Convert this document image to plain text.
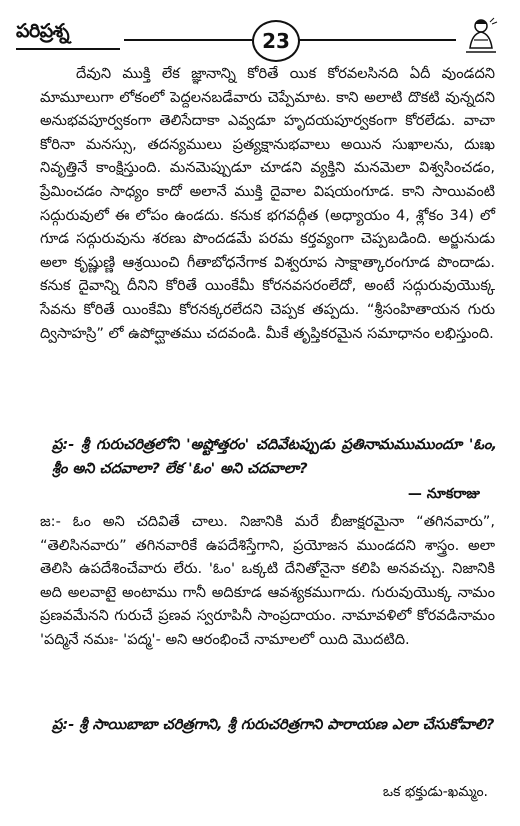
పరిప్రశ్న	23

దేవుని ముక్తి లేక జ్ఞానాన్ని కోరితే యిక కోరవలసినది ఏదీ వుండదని మామూలుగా లోకంలో పెద్దలనబడేవారు చెప్పేమాట. కాని అలాటి దొకటి వున్నదని అనుభవపూర్వకంగా తెలిసేదాకా ఎవ్వడూ హృదయపూర్వకంగా కోరలేడు. వాచా కోరినా మనస్సు, తదన్యములు ప్రత్యక్షానుభవాలు అయిన సుఖాలను, దుఃఖ నివృత్తినే కాంక్షిస్తుంది. మనమెప్పుడూ చూడని వ్యక్తిని మనమెలా విశ్వసించడం, ప్రేమించడం సాధ్యం కాదో అలానే ముక్తి దైవాల విషయంగూడ. కాని సాయివంటి సద్గురువులో ఈ లోపం ఉండదు. కనుక భగవద్గీత (అధ్యాయం 4, శ్లోకం 34) లో గూడ సద్గురువును శరణు పొందడమే పరమ కర్తవ్యంగా చెప్పబడింది. అర్జునుడు అలా కృష్ణుణ్ణి ఆశ్రయించి గీతాబోధనేగాక విశ్వరూప సాక్షాత్కారంగూడ పొందాడు. కనుక దైవాన్ని దీనిని కోరితే యింకేమీ కోరనవసరంలేదో, అంటే సద్గురువుయొక్క సేవను కోరితే యింకేమి కోరనక్కరలేదని చెప్పక తప్పదు. “శ్రీసంహితాయన గురు ద్విసాహస్రి” లో ఉపోద్ఘాతము చదవండి. మీకే తృప్తికరమైన సమాధానం లభిస్తుంది.

ప్ర:- శ్రీ గురుచరిత్రలోని 'అష్టోత్తరం' చదివేటప్పుడు ప్రతినామముముందూ 'ఓం, శ్రీం అని చదవాలా? లేక 'ఓం' అని చదవాలా?

— నూకరాజు

జ:- ఓం అని చదివితే చాలు. నిజానికి మరే బీజాక్షరమైనా “తగినవారు”, “తెలిసినవారు” తగినవారికే ఉపదేశిస్తేగాని, ప్రయోజన ముండదని శాస్త్రం. అలా తెలిసి ఉపదేశించేవారు లేరు. 'ఓం' ఒక్కటి దేనితోనైనా కలిపి అనవచ్చు. నిజానికి అది అలవాటై అంటాము గానీ అదికూడ ఆవశ్యకముగాదు. గురువుయొక్క నామం ప్రణవమేనని గురుచే ప్రణవ స్వరూపినీ సాంప్రదాయం. నామావళిలో కోరవడినామం 'పద్మినే నమః- 'పద్మ'- అని ఆరంభించే నామాలలో యిది మొదటిది.

ప్ర:- శ్రీ సాయిబాబా చరిత్రగాని, శ్రీ గురుచరిత్రగాని పారాయణ ఎలా చేసుకోవాలి?

ఒక భక్తుడు-ఖమ్మం.
